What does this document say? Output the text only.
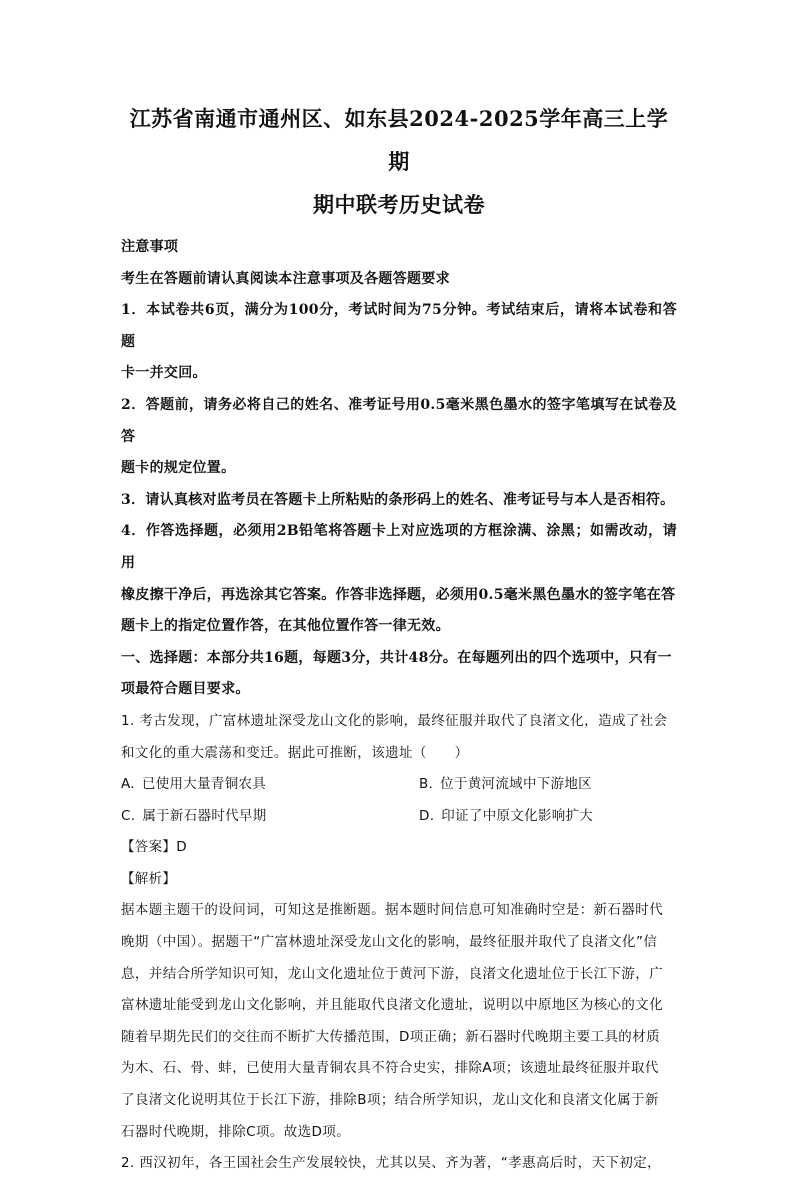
江苏省南通市通州区、如东县2024-2025学年高三上学期
期中联考历史试卷

注意事项

考生在答题前请认真阅读本注意事项及各题答题要求

1．本试卷共6页，满分为100分，考试时间为75分钟。考试结束后，请将本试卷和答题

卡一并交回。

2．答题前，请务必将自己的姓名、准考证号用0.5毫米黑色墨水的签字笔填写在试卷及答

题卡的规定位置。

3．请认真核对监考员在答题卡上所粘贴的条形码上的姓名、准考证号与本人是否相符。

4．作答选择题，必须用2B铅笔将答题卡上对应选项的方框涂满、涂黑；如需改动，请用

橡皮擦干净后，再选涂其它答案。作答非选择题，必须用0.5毫米黑色墨水的签字笔在答

题卡上的指定位置作答，在其他位置作答一律无效。

一、选择题：本部分共16题，每题3分，共计48分。在每题列出的四个选项中，只有一

项最符合题目要求。

1. 考古发现，广富林遗址深受龙山文化的影响，最终征服并取代了良渚文化，造成了社会

和文化的重大震荡和变迁。据此可推断，该遗址（　　）

A. 已使用大量青铜农具	B. 位于黄河流域中下游地区
C. 属于新石器时代早期	D. 印证了中原文化影响扩大

【答案】D

【解析】

据本题主题干的设问词，可知这是推断题。据本题时间信息可知准确时空是：新石器时代

晚期（中国）。据题干“广富林遗址深受龙山文化的影响，最终征服并取代了良渚文化”信

息，并结合所学知识可知，龙山文化遗址位于黄河下游，良渚文化遗址位于长江下游，广

富林遗址能受到龙山文化影响，并且能取代良渚文化遗址，说明以中原地区为核心的文化

随着早期先民们的交往而不断扩大传播范围，D项正确；新石器时代晚期主要工具的材质

为木、石、骨、蚌，已使用大量青铜农具不符合史实，排除A项；该遗址最终征服并取代

了良渚文化说明其位于长江下游，排除B项；结合所学知识，龙山文化和良渚文化属于新

石器时代晚期，排除C项。故选D项。

2. 西汉初年，各王国社会生产发展较快，尤其以吴、齐为著，“孝惠高后时，天下初定，
